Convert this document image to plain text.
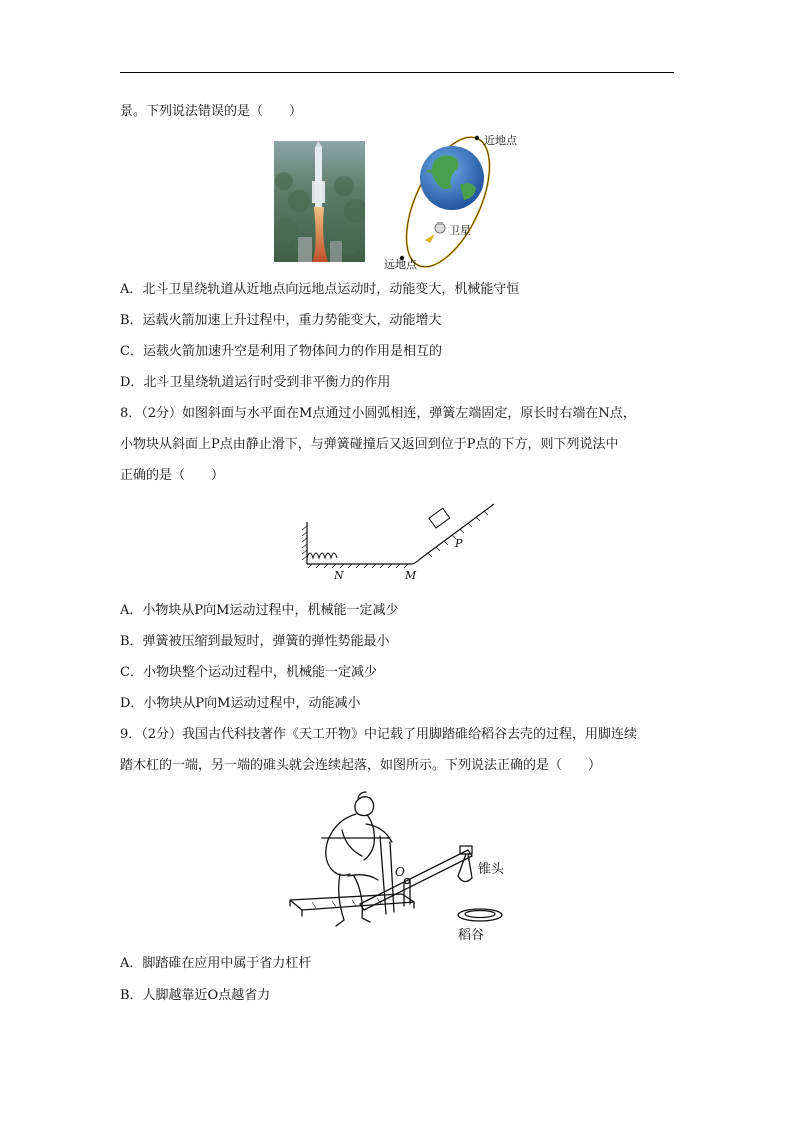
景。下列说法错误的是（　　）
近地点
卫星
远地点
A．北斗卫星绕轨道从近地点向远地点运动时，动能变大，机械能守恒
B．运载火箭加速上升过程中，重力势能变大，动能增大
C．运载火箭加速升空是利用了物体间力的作用是相互的
D．北斗卫星绕轨道运行时受到非平衡力的作用
8．（2分）如图斜面与水平面在M点通过小圆弧相连，弹簧左端固定，原长时右端在N点，
小物块从斜面上P点由静止滑下，与弹簧碰撞后又返回到位于P点的下方，则下列说法中
正确的是（　　）
N	M
P
A．小物块从P向M运动过程中，机械能一定减少
B．弹簧被压缩到最短时，弹簧的弹性势能最小
C．小物块整个运动过程中，机械能一定减少
D．小物块从P向M运动过程中，动能减小
9．（2分）我国古代科技著作《天工开物》中记载了用脚踏碓给稻谷去壳的过程，用脚连续
踏木杠的一端，另一端的碓头就会连续起落，如图所示。下列说法正确的是（　　）
O	锥头
稻谷
A．脚踏碓在应用中属于省力杠杆
B．人脚越靠近O点越省力
